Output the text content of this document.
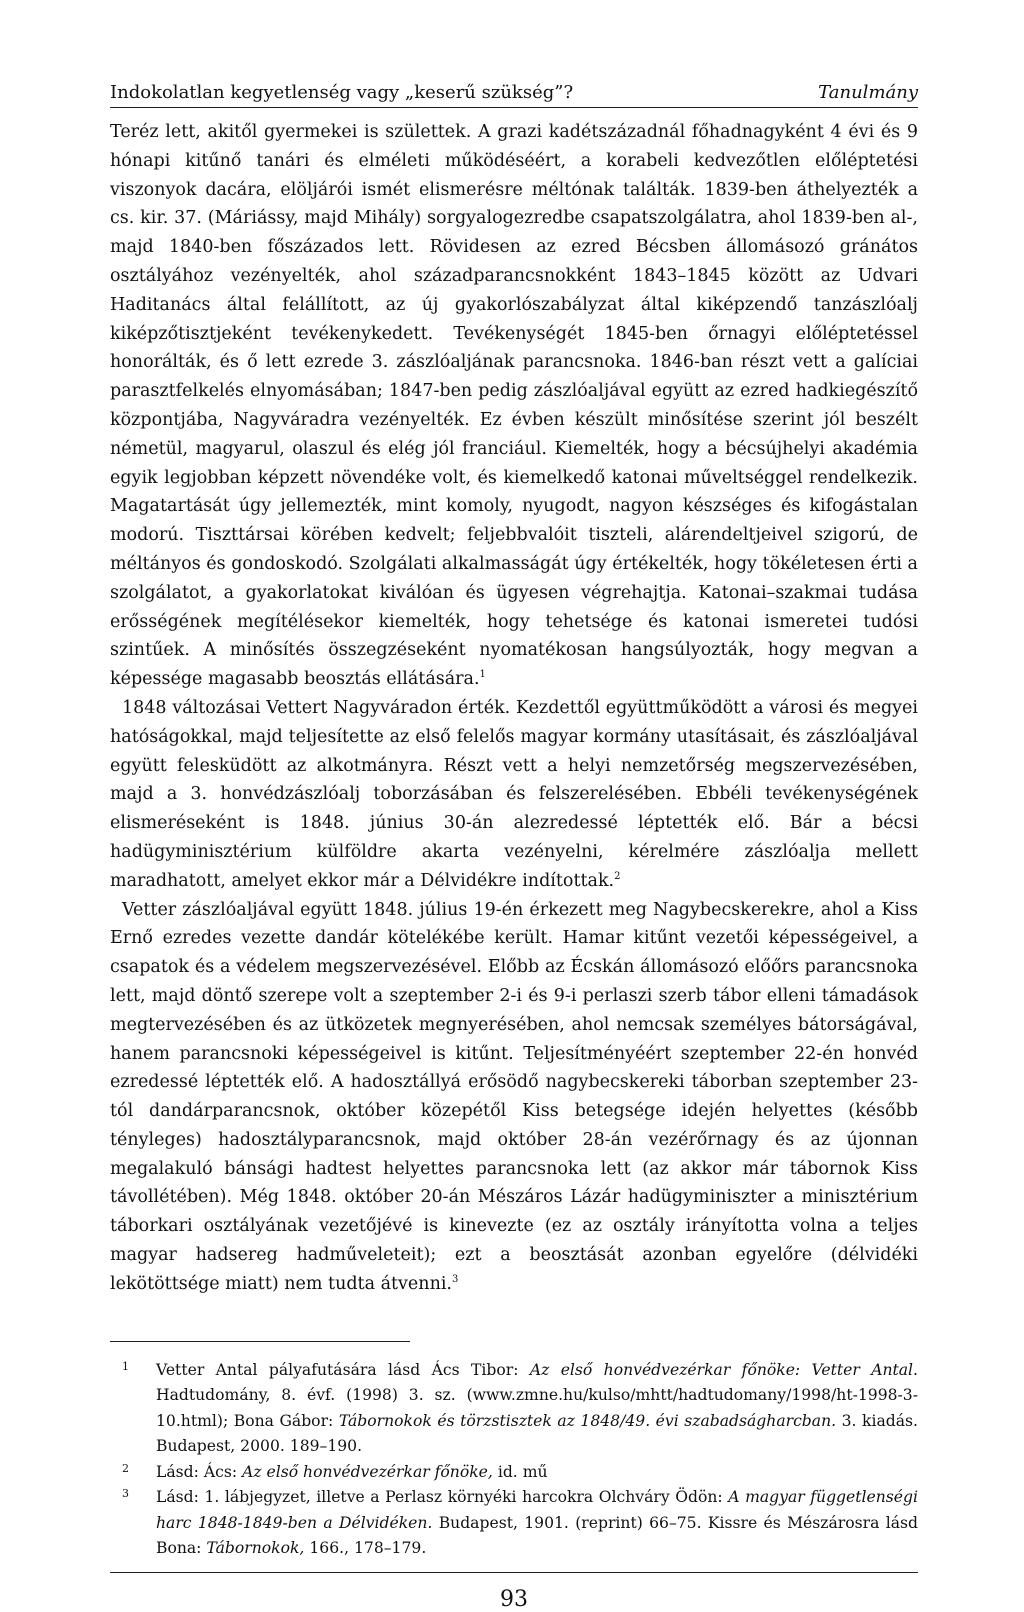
Indokolatlan kegyetlenség vagy „keserű szükség”?	Tanulmány

Teréz lett, akitől gyermekei is születtek. A grazi kadétszázadnál főhadnagyként 4 évi és 9 hónapi kitűnő tanári és elméleti működéséért, a korabeli kedvezőtlen előléptetési viszonyok dacára, elöljárói ismét elismerésre méltónak találták. 1839-ben áthelyezték a cs. kir. 37. (Máriássy, majd Mihály) sorgyalogezredbe csapatszolgálatra, ahol 1839-ben al-, majd 1840-ben főszázados lett. Rövidesen az ezred Bécsben állomásozó gránátos osztályához vezényelték, ahol századparancsnokként 1843–1845 között az Udvari Haditanács által felállított, az új gyakorlószabályzat által kiképzendő tanzászlóalj kiképzőtisztjeként tevékenykedett. Tevékenységét 1845-ben őrnagyi előléptetéssel honorálták, és ő lett ezrede 3. zászlóaljának parancsnoka. 1846-ban részt vett a galíciai parasztfelkelés elnyomásában; 1847-ben pedig zászlóaljával együtt az ezred hadkiegészítő központjába, Nagyváradra vezényelték. Ez évben készült minősítése szerint jól beszélt németül, magyarul, olaszul és elég jól franciául. Kiemelték, hogy a bécsújhelyi akadémia egyik legjobban képzett növendéke volt, és kiemelkedő katonai műveltséggel rendelkezik. Magatartását úgy jellemezték, mint komoly, nyugodt, nagyon készséges és kifogástalan modorú. Tiszttársai körében kedvelt; feljebbvalóit tiszteli, alárendeltjeivel szigorú, de méltányos és gondoskodó. Szolgálati alkalmasságát úgy értékelték, hogy tökéletesen érti a szolgálatot, a gyakorlatokat kiválóan és ügyesen végrehajtja. Katonai–szakmai tudása erősségének megítélésekor kiemelték, hogy tehetsége és katonai ismeretei tudósi szintűek. A minősítés összegzéseként nyomatékosan hangsúlyozták, hogy megvan a képessége magasabb beosztás ellátására.$^1$

1848 változásai Vettert Nagyváradon érték. Kezdettől együttműködött a városi és megyei hatóságokkal, majd teljesítette az első felelős magyar kormány utasításait, és zászlóaljával együtt felesküdött az alkotmányra. Részt vett a helyi nemzetőrség megszervezésében, majd a 3. honvédzászlóalj toborzásában és felszerelésében. Ebbéli tevékenységének elismeréseként is 1848. június 30-án alezredessé léptették elő. Bár a bécsi hadügyminisztérium külföldre akarta vezényelni, kérelmére zászlóalja mellett maradhatott, amelyet ekkor már a Délvidékre indítottak.$^2$

Vetter zászlóaljával együtt 1848. július 19-én érkezett meg Nagybecskerekre, ahol a Kiss Ernő ezredes vezette dandár kötelékébe került. Hamar kitűnt vezetői képességeivel, a csapatok és a védelem megszervezésével. Előbb az Écskán állomásozó előőrs parancsnoka lett, majd döntő szerepe volt a szeptember 2-i és 9-i perlaszi szerb tábor elleni támadások megtervezésében és az ütközetek megnyerésében, ahol nemcsak személyes bátorságával, hanem parancsnoki képességeivel is kitűnt. Teljesítményéért szeptember 22-én honvéd ezredessé léptették elő. A hadosztállyá erősödő nagybecskereki táborban szeptember 23-tól dandárparancsnok, október közepétől Kiss betegsége idején helyettes (később tényleges) hadosztályparancsnok, majd október 28-án vezérőrnagy és az újonnan megalakuló bánsági hadtest helyettes parancsnoka lett (az akkor már tábornok Kiss távollétében). Még 1848. október 20-án Mészáros Lázár hadügyminiszter a minisztérium táborkari osztályának vezetőjévé is kinevezte (ez az osztály irányította volna a teljes magyar hadsereg hadműveleteit); ezt a beosztását azonban egyelőre (délvidéki lekötöttsége miatt) nem tudta átvenni.$^3$

1	Vetter Antal pályafutására lásd Ács Tibor: Az első honvédvezérkar főnöke: Vetter Antal. Hadtudomány, 8. évf. (1998) 3. sz. (www.zmne.hu/kulso/mhtt/hadtudomany/1998/ht-1998-3-10.html); Bona Gábor: Tábornokok és törzstisztek az 1848/49. évi szabadságharcban. 3. kiadás. Budapest, 2000. 189–190.
2	Lásd: Ács: Az első honvédvezérkar főnöke, id. mű
3	Lásd: 1. lábjegyzet, illetve a Perlasz környéki harcokra Olchváry Ödön: A magyar függetlenségi harc 1848-1849-ben a Délvidéken. Budapest, 1901. (reprint) 66–75. Kissre és Mészárosra lásd Bona: Tábornokok, 166., 178–179.
93
